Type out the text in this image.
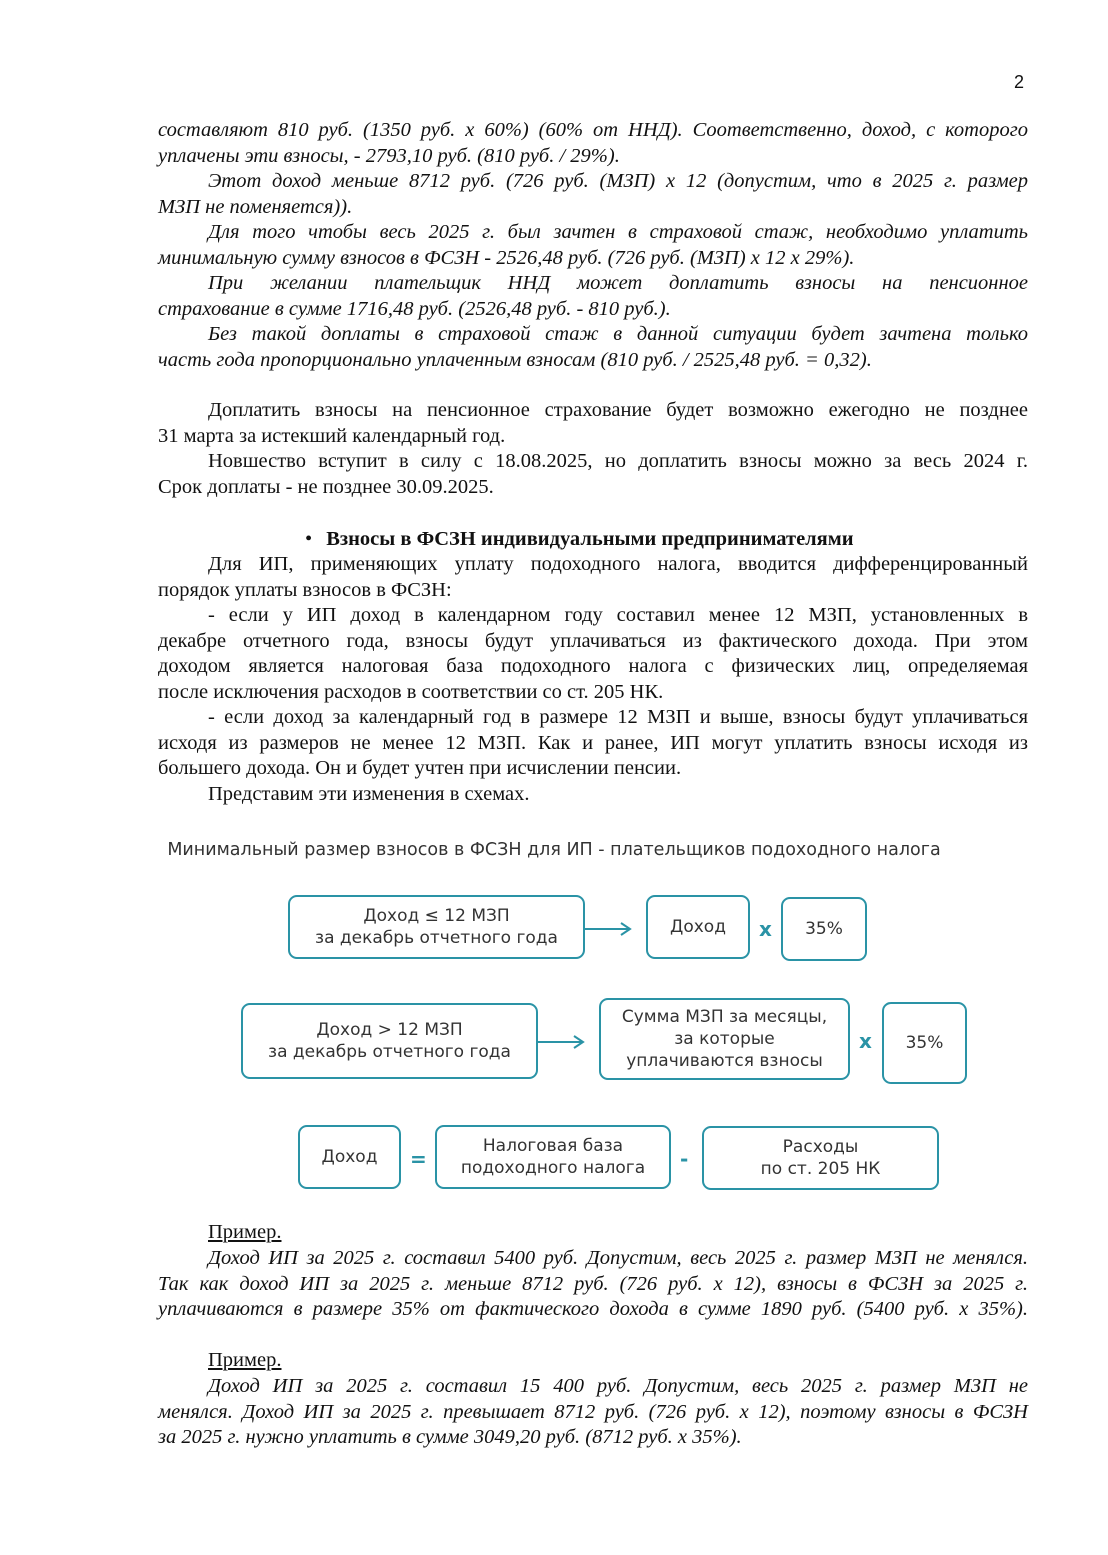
2
составляют 810 руб. (1350 руб. х 60%) (60% от ННД). Соответственно, доход, с которого
уплачены эти взносы, - 2793,10 руб. (810 руб. / 29%).
Этот доход меньше 8712 руб. (726 руб. (МЗП) х 12 (допустим, что в 2025 г. размер
МЗП не поменяется)).
Для того чтобы весь 2025 г. был зачтен в страховой стаж, необходимо уплатить
минимальную сумму взносов в ФСЗН - 2526,48 руб. (726 руб. (МЗП) х 12 х 29%).
При желании плательщик ННД может доплатить взносы на пенсионное
страхование в сумме 1716,48 руб. (2526,48 руб. - 810 руб.).
Без такой доплаты в страховой стаж в данной ситуации будет зачтена только
часть года пропорционально уплаченным взносам (810 руб. / 2525,48 руб. = 0,32).
Доплатить взносы на пенсионное страхование будет возможно ежегодно не позднее
31 марта за истекший календарный год.
Новшество вступит в силу с 18.08.2025, но доплатить взносы можно за весь 2024 г.
Срок доплаты - не позднее 30.09.2025.
• Взносы в ФСЗН индивидуальными предпринимателями
Для ИП, применяющих уплату подоходного налога, вводится дифференцированный
порядок уплаты взносов в ФСЗН:
- если у ИП доход в календарном году составил менее 12 МЗП, установленных в
декабре отчетного года, взносы будут уплачиваться из фактического дохода. При этом
доходом является налоговая база подоходного налога с физических лиц, определяемая
после исключения расходов в соответствии со ст. 205 НК.
- если доход за календарный год в размере 12 МЗП и выше, взносы будут уплачиваться
исходя из размеров не менее 12 МЗП. Как и ранее, ИП могут уплатить взносы исходя из
большего дохода. Он и будет учтен при исчислении пенсии.
Представим эти изменения в схемах.
Минимальный размер взносов в ФСЗН для ИП - плательщиков подоходного налога
Доход ≤ 12 МЗП
за декабрь отчетного года
Доход х 35%
Доход > 12 МЗП
за декабрь отчетного года
Сумма МЗП за месяцы,
за которые
уплачиваются взносы
х 35%
Доход =
Налоговая база
подоходного налога -	Расходы
по ст. 205 НК
Пример.
Доход ИП за 2025 г. составил 5400 руб. Допустим, весь 2025 г. размер МЗП не менялся.
Так как доход ИП за 2025 г. меньше 8712 руб. (726 руб. х 12), взносы в ФСЗН за 2025 г.
уплачиваются в размере 35% от фактического дохода в сумме 1890 руб. (5400 руб. х 35%).
Пример.
Доход ИП за 2025 г. составил 15 400 руб. Допустим, весь 2025 г. размер МЗП не
менялся. Доход ИП за 2025 г. превышает 8712 руб. (726 руб. х 12), поэтому взносы в ФСЗН
за 2025 г. нужно уплатить в сумме 3049,20 руб. (8712 руб. х 35%).
